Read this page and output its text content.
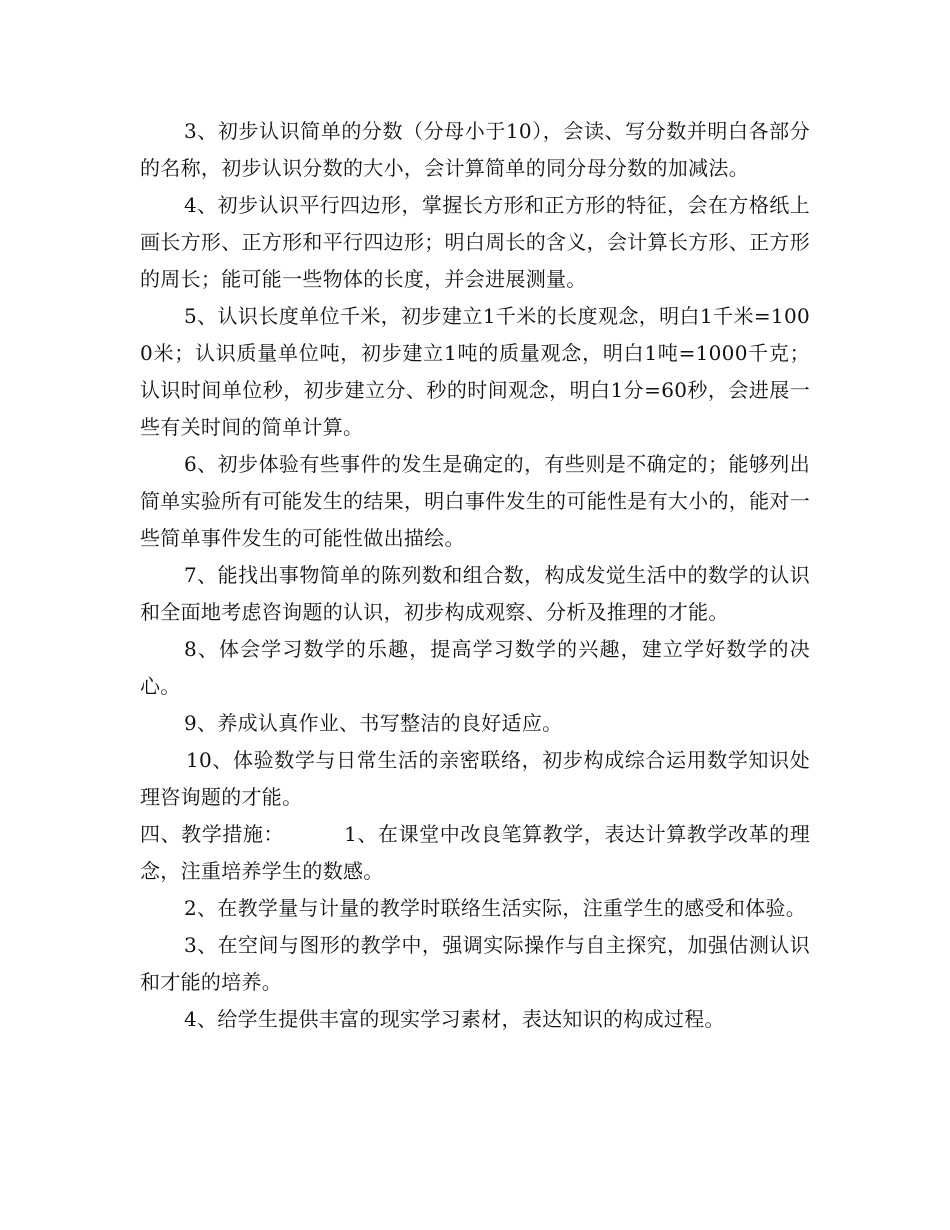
3、初步认识简单的分数（分母小于10），会读、写分数并明白各部分的名称，初步认识分数的大小，会计算简单的同分母分数的加减法。

4、初步认识平行四边形，掌握长方形和正方形的特征，会在方格纸上画长方形、正方形和平行四边形；明白周长的含义，会计算长方形、正方形的周长；能可能一些物体的长度，并会进展测量。

5、认识长度单位千米，初步建立1千米的长度观念，明白1千米=1000米；认识质量单位吨，初步建立1吨的质量观念，明白1吨=1000千克；认识时间单位秒，初步建立分、秒的时间观念，明白1分=60秒，会进展一些有关时间的简单计算。

6、初步体验有些事件的发生是确定的，有些则是不确定的；能够列出简单实验所有可能发生的结果，明白事件发生的可能性是有大小的，能对一些简单事件发生的可能性做出描绘。

7、能找出事物简单的陈列数和组合数，构成发觉生活中的数学的认识和全面地考虑咨询题的认识，初步构成观察、分析及推理的才能。

8、体会学习数学的乐趣，提高学习数学的兴趣，建立学好数学的决心。

9、养成认真作业、书写整洁的良好适应。

10、体验数学与日常生活的亲密联络，初步构成综合运用数学知识处理咨询题的才能。

四、教学措施：	1、在课堂中改良笔算教学，表达计算教学改革的理念，注重培养学生的数感。

2、在教学量与计量的教学时联络生活实际，注重学生的感受和体验。

3、在空间与图形的教学中，强调实际操作与自主探究，加强估测认识和才能的培养。

4、给学生提供丰富的现实学习素材，表达知识的构成过程。
